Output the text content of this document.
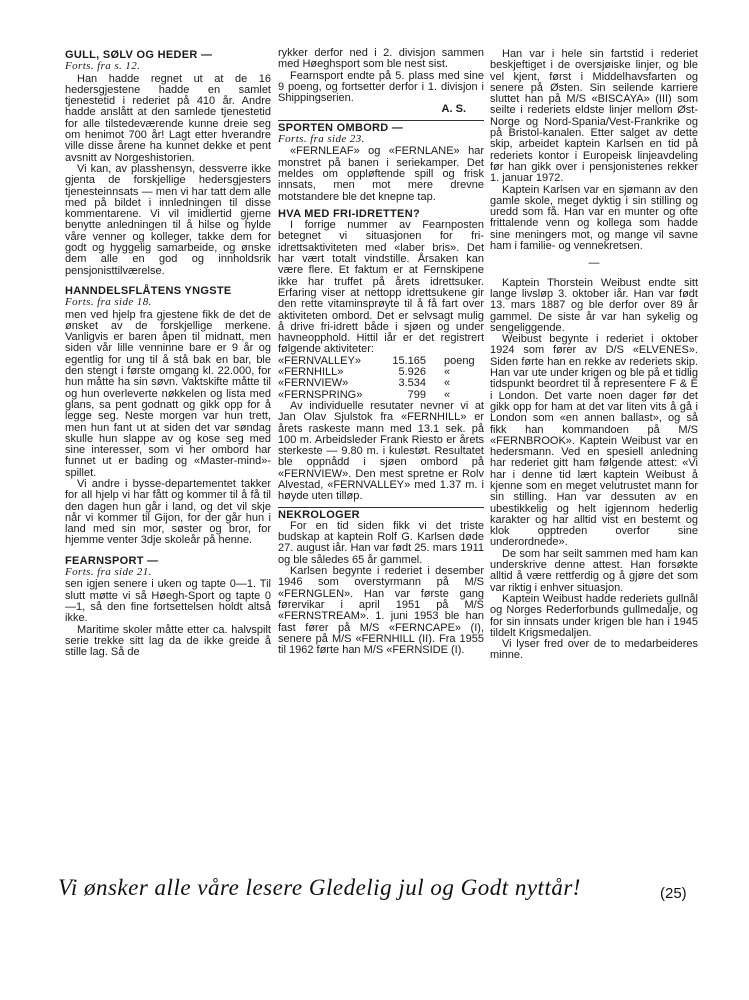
GULL, SØLV OG HEDER —
Forts. fra s. 12.

Han hadde regnet ut at de 16 hedersgjestene hadde en samlet tjenestetid i rederiet på 410 år. Andre hadde anslått at den samlede tjenestetid for alle tilstedeværende kunne dreie seg om henimot 700 år! Lagt etter hverandre ville disse årene ha kunnet dekke et pent avsnitt av Norgeshistorien.

Vi kan, av plasshensyn, dessverre ikke gjenta de forskjellige hedersgjesters tjenesteinnsats — men vi har tatt dem alle med på bildet i innledningen til disse kommentarene. Vi vil imidlertid gjerne benytte anledningen til å hilse og hylde våre venner og kolleger, takke dem for godt og hyggelig samarbeide, og ønske dem alle en god og innholdsrik pensjonisttilværelse.

HANNDELSFLÅTENS YNGSTE
Forts. fra side 18.

men ved hjelp fra gjestene fikk de det de ønsket av de forskjellige merkene. Vanligvis er baren åpen til midnatt, men siden vår lille venninne bare er 9 år og egentlig for ung til å stå bak en bar, ble den stengt i første omgang kl. 22.000, for hun måtte ha sin søvn. Vaktskifte måtte til og hun overleverte nøkkelen og lista med glans, sa pent godnatt og gikk opp for å legge seg. Neste morgen var hun trett, men hun fant ut at siden det var søndag skulle hun slappe av og kose seg med sine interesser, som vi her ombord har funnet ut er bading og «Master-mind»-spillet.

Vi andre i bysse-departementet takker for all hjelp vi har fått og kommer til å få til den dagen hun går i land, og det vil skje når vi kommer til Gijon, for der går hun i land med sin mor, søster og bror, for hjemme venter 3dje skoleår på henne.

FEARNSPORT —
Forts. fra side 21.

sen igjen senere i uken og tapte 0—1. Til slutt møtte vi så Høegh-Sport og tapte 0—1, så den fine fortsettelsen holdt altså ikke.

Maritime skoler måtte etter ca. halvspilt serie trekke sitt lag da de ikke greide å stille lag. Så de

rykker derfor ned i 2. divisjon sammen med Høeghsport som ble nest sist.

Fearnsport endte på 5. plass med sine 9 poeng, og fortsetter derfor i 1. divisjon i Shippingserien.

A. S.
SPORTEN OMBORD —
Forts. fra side 23.

«FERNLEAF» og «FERNLANE» har monstret på banen i seriekamper. Det meldes om oppløftende spill og frisk innsats, men mot mere drevne motstandere ble det knepne tap.

HVA MED FRI-IDRETTEN?

I forrige nummer av Fearnposten betegnet vi situasjonen for fri-idrettsaktiviteten med «laber bris». Det har vært totalt vindstille. Årsaken kan være flere. Et faktum er at Fernskipene ikke har truffet på årets idrettsuker. Erfaring viser at nettopp idrettsukene gir den rette vitaminsprøyte til å få fart over aktiviteten ombord. Det er selvsagt mulig å drive fri-idrett både i sjøen og under havneopphold. Hittil iår er det registrert følgende aktiviteter:

«FERNVALLEY»	15.165	poeng
«FERNHILL»	5.926	«
«FERNVIEW»	3.534	«
«FERNSPRING»	799	«

Av individuelle resutater nevner vi at Jan Olav Sjulstok fra «FERNHILL» er årets raskeste mann med 13.1 sek. på 100 m. Arbeidsleder Frank Riesto er årets sterkeste — 9.80 m. i kulestøt. Resultatet ble oppnådd i sjøen ombord på «FERNVIEW». Den mest spretne er Rolv Alvestad, «FERNVALLEY» med 1.37 m. i høyde uten tilløp.

NEKROLOGER

For en tid siden fikk vi det triste budskap at kaptein Rolf G. Karlsen døde 27. august iår. Han var født 25. mars 1911 og ble således 65 år gammel.

Karlsen begynte i rederiet i desember 1946 som overstyrmann på M/S «FERNGLEN». Han var første gang førervikar i april 1951 på M/S «FERNSTREAM». 1. juni 1953 ble han fast fører på M/S «FERNCAPE» (I), senere på M/S «FERNHILL (II). Fra 1955 til 1962 førte han M/S «FERNSIDE (I).

Han var i hele sin fartstid i rederiet beskjeftiget i de oversjøiske linjer, og ble vel kjent, først i Middelhavsfarten og senere på Østen. Sin seilende karriere sluttet han på M/S «BISCAYA» (III) som seilte i rederiets eldste linjer mellom Øst-Norge og Nord-Spania/Vest-Frankrike og på Bristol-kanalen. Etter salget av dette skip, arbeidet kaptein Karlsen en tid på rederiets kontor i Europeisk linjeavdeling før han gikk over i pensjonistenes rekker 1. januar 1972.

Kaptein Karlsen var en sjømann av den gamle skole, meget dyktig i sin stilling og uredd som få. Han var en munter og ofte frittalende venn og kollega som hadde sine meningers mot, og mange vil savne ham i familie- og vennekretsen.

—

Kaptein Thorstein Weibust endte sitt lange livsløp 3. oktober iår. Han var født 13. mars 1887 og ble derfor over 89 år gammel. De siste år var han sykelig og sengeliggende.

Weibust begynte i rederiet i oktober 1924 som fører av D/S «ELVENES». Siden førte han en rekke av rederiets skip. Han var ute under krigen og ble på et tidlig tidspunkt beordret til å representere F & E i London. Det varte noen dager før det gikk opp for ham at det var liten vits å gå i London som «en annen ballast», og så fikk han kommandoen på M/S «FERNBROOK». Kaptein Weibust var en hedersmann. Ved en spesiell anledning har rederiet gitt ham følgende attest: «Vi har i denne tid lært kaptein Weibust å kjenne som en meget velutrustet mann for sin stilling. Han var dessuten av en ubestikkelig og helt igjennom hederlig karakter og har alltid vist en bestemt og klok opptreden overfor sine underordnede».

De som har seilt sammen med ham kan underskrive denne attest. Han forsøkte alltid å være rettferdig og å gjøre det som var riktig i enhver situasjon.

Kaptein Weibust hadde rederiets gullnål og Norges Rederforbunds gullmedalje, og for sin innsats under krigen ble han i 1945 tildelt Krigsmedaljen.

Vi lyser fred over de to medarbeideres minne.

Vi ønsker alle våre lesere Gledelig jul og Godt nyttår!	(25)
